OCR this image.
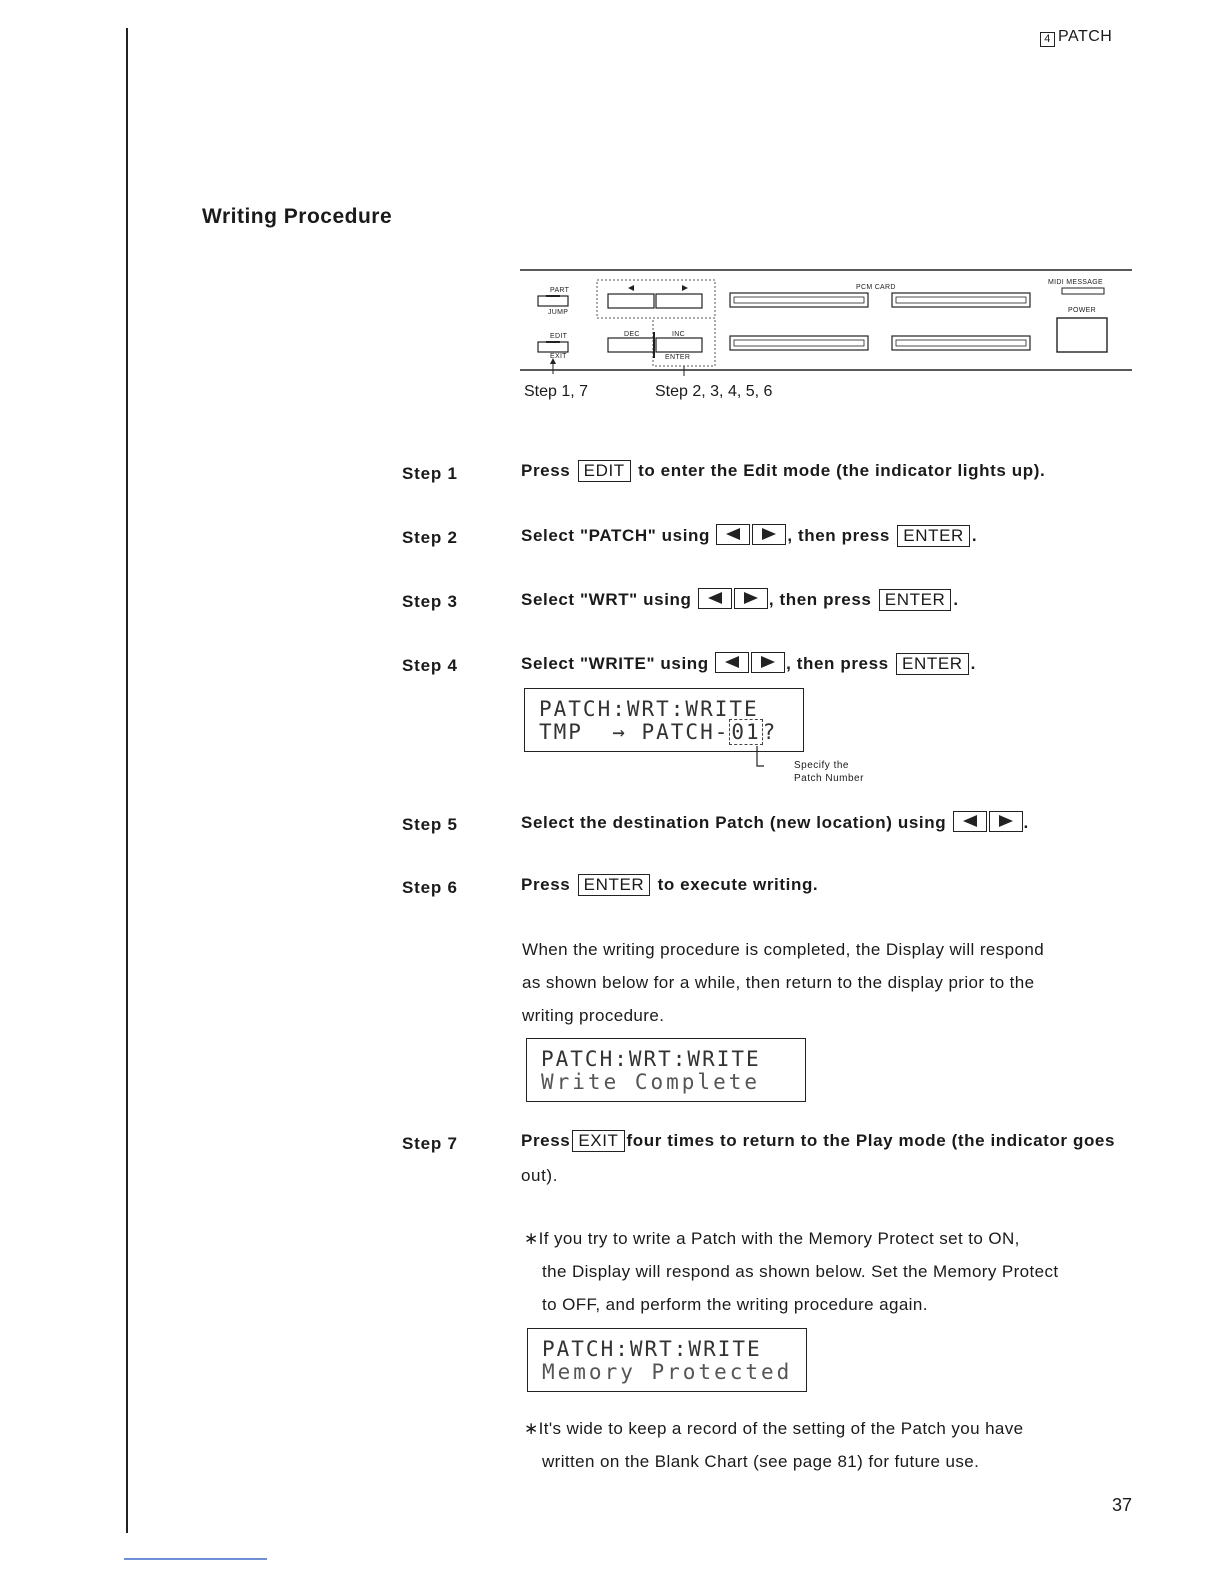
4 PATCH
Writing Procedure
PART
JUMP
EDIT
EXIT
DEC	INC
ENTER
PCM CARD
MIDI MESSAGE
POWER
Step 1, 7	Step 2, 3, 4, 5, 6
Step 1	Press EDIT to enter the Edit mode (the indicator lights up).
Step 2	Select "PATCH" using	, then press ENTER .
Step 3	Select "WRT" using	, then press ENTER .
Step 4	Select "WRITE" using	, then press ENTER .
PATCH:WRT:WRITE
TMP  → PATCH-01?
Specify the
Patch Number
Step 5	Select the destination Patch (new location) using	.
Step 6	Press ENTER to execute writing.
When the writing procedure is completed, the Display will respond
as shown below for a while, then return to the display prior to the
writing procedure.
PATCH:WRT:WRITE
Write Complete
Step 7	Press EXIT four times to return to the Play mode (the indicator goes
out).
∗If you try to write a Patch with the Memory Protect set to ON,
the Display will respond as shown below. Set the Memory Protect
to OFF, and perform the writing procedure again.
PATCH:WRT:WRITE
Memory Protected
∗It's wide to keep a record of the setting of the Patch you have
written on the Blank Chart (see page 81) for future use.
37
